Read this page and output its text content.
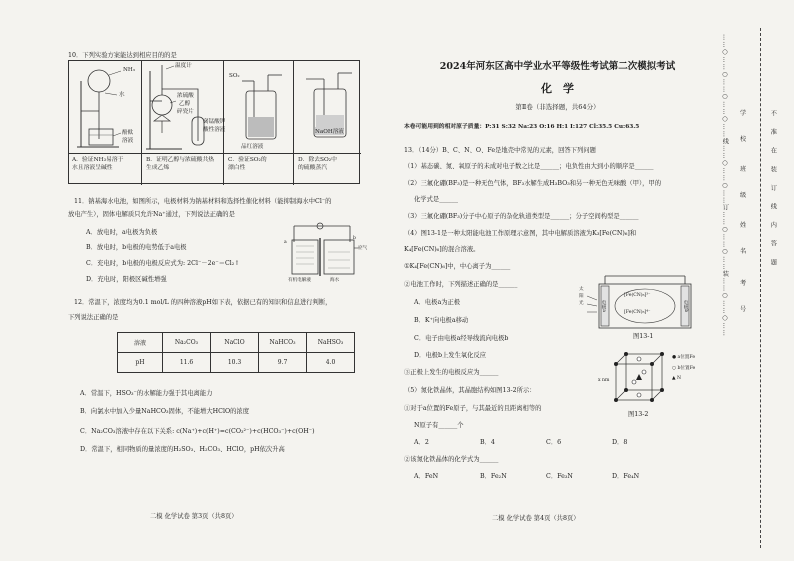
10．下列实验方案能达到相应目的的是
NH₃
水
酚酞
溶液
温度计
浓硫酸
乙醇
碎瓷片
高锰酸钾
酸性溶液
SO₂
品红溶液
NaOH溶液
A．验证NH₃易溶于
水且溶液呈碱性
B．证明乙醇与浓硫酸共热
生成乙烯
C．验证SO₂的
漂白性
D．除去SO₂中
的硫酸蒸汽
11．钠基海水电池，如图所示，电极材料为钠基材料和选择性催化材料（能抑制海水中Cl⁻的
放电产生），固体电解质只允许Na⁺通过，下列说法正确的是
A．放电时，a电极为负极
B．放电时，b电极的电势低于a电极
C．充电时，b电极的电极反应式为: 2Cl⁻－2e⁻＝Cl₂↑
D．充电时，阳极区碱性增强
a
b
空气
有机电解液	海水
12．常温下，浓度均为0.1 mol/L 的四种溶液pH如下表，依据已有的知识和信息进行判断，
下列说法正确的是
溶液	Na₂CO₃	NaClO	NaHCO₃	NaHSO₃
pH	11.6	10.3	9.7	4.0
A．常温下，HSO₃⁻的水解能力强于其电离能力
B．向氯水中加入少量NaHCO₃固体，不能增大HClO的浓度
C．Na₂CO₃溶液中存在以下关系: c(Na⁺)+c(H⁺)=c(CO₃²⁻)+c(HCO₃⁻)+c(OH⁻)
D．常温下，相同物质的量浓度的H₂SO₃、H₂CO₃、HClO，pH依次升高
二模 化学试卷 第3页（共8页）
2024年河东区高中学业水平等级性考试第二次模拟考试
化　学
第Ⅱ卷（非选择题，共64分）
本卷可能用到的相对原子质量：P:31 S:32 Na:23 O:16 H:1 I:127 Cl:35.5 Cu:63.5
13．（14分）B、C、N、O、Fe是地壳中常见的元素，回答下列问题
（1）基态碳、氮、氧原子的未成对电子数之比是______；电负性由大到小的顺序是______
（2）三氟化硼(BF₃)是一种无色气体，BF₃水解生成H₃BO₃和另一种无色无味酸（甲），甲的
化学式是______
（3）三氟化硼(BF₃)分子中心原子的杂化轨道类型是______；分子空间构型是______
（4）图13-1是一种太阳能电池工作原理示意图，其中电解质溶液为K₃[Fe(CN)₆]和
K₄[Fe(CN)₆]的混合溶液。
①K₄[Fe(CN)₆]中，中心离子为______
②电池工作时，下列描述正确的是______
A．电极a为正极
B．K⁺向电极a移动
C．电子由电极a经导线流向电极b
D．电极b上发生氧化反应
③正极上发生的电极反应为______
（5）氮化铁晶体，其晶胞结构如图13-2所示：
①对于a位置的Fe原子，与其最近的且距离相等的
N原子有______个
A．2	B．4	C．6	D．8
②该氮化铁晶体的化学式为______
A．FeN	B．Fe₂N	C．Fe₃N	D．Fe₄N
太
阳
光
[Fe(CN)₆]³⁻
[Fe(CN)₆]⁴⁻
电极a	电极b
图13-1
x nm
● a位置Fe
○ b位置Fe
▲ N
图13-2
二模 化学试卷 第4页（共8页）
……○……○……○……○……线……○……○……订……○……○……装……○……○…… 学
校
班
级
姓
名
考
号
不　　准　　在　　装　　订　　线　　内　　答　　题
